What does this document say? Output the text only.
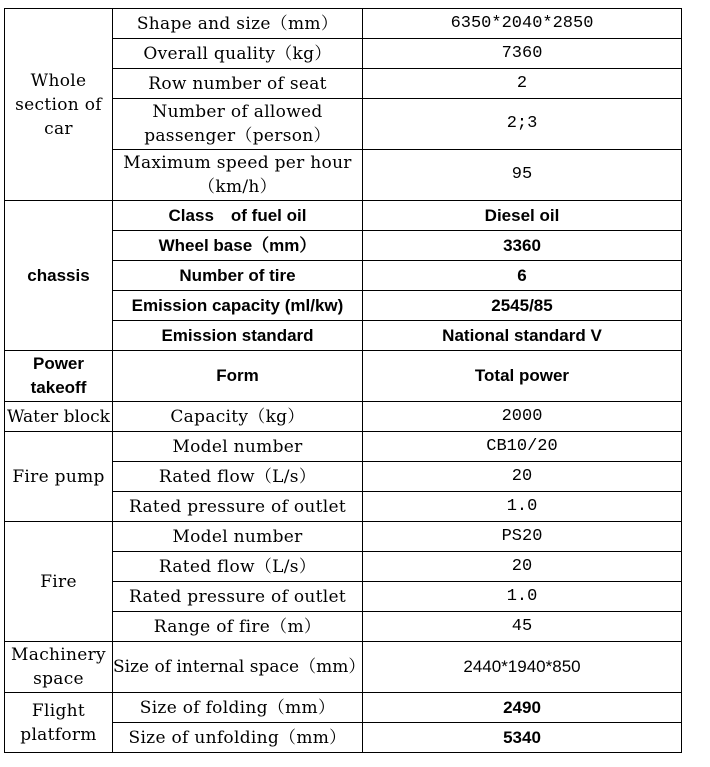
Whole section of car	Shape and size（mm）	6350*2040*2850
	Overall quality（kg）	7360
	Row number of seat	2
	Number of allowed passenger（person）	2;3
	Maximum speed per hour（km/h）	95
chassis	Class　of fuel oil	Diesel oil
	Wheel base（mm）	3360
	Number of tire	6
	Emission capacity (ml/kw)	2545/85
	Emission standard	National standard V
Power takeoff	Form	Total power
Water block	Capacity（kg）	2000
Fire pump	Model number	CB10/20
	Rated flow（L/s）	20
	Rated pressure of outlet	1.0
Fire	Model number	PS20
	Rated flow（L/s）	20
	Rated pressure of outlet	1.0
	Range of fire（m）	45
Machinery space	Size of internal space（mm）	2440*1940*850
Flight platform	Size of folding（mm）	2490
	Size of unfolding（mm）	5340
